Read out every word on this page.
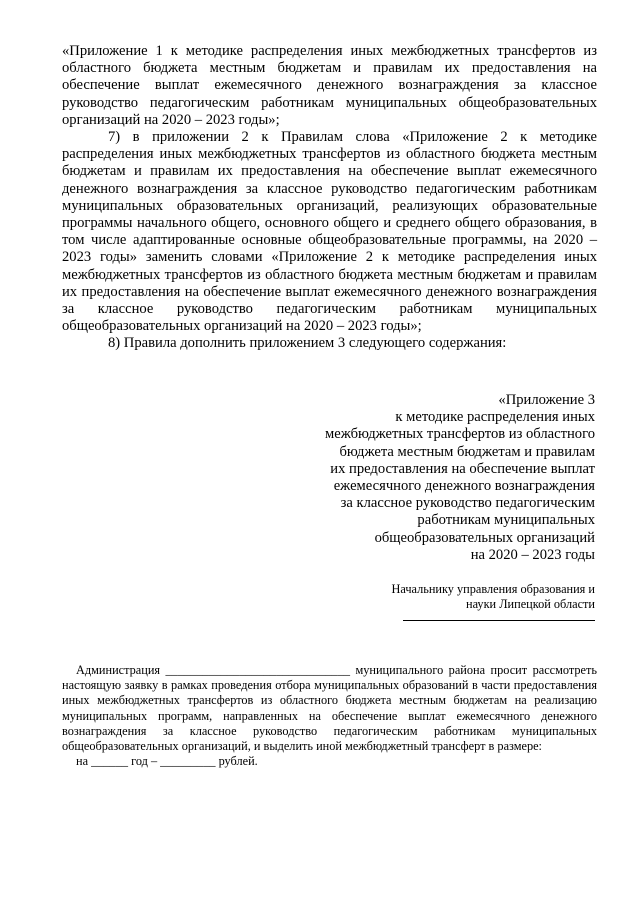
«Приложение 1 к методике распределения иных межбюджетных трансфертов из областного бюджета местным бюджетам и правилам их предоставления на обеспечение выплат ежемесячного денежного вознаграждения за классное руководство педагогическим работникам муниципальных общеобразовательных организаций на 2020 – 2023 годы»;

7) в приложении 2 к Правилам слова «Приложение 2 к методике распределения иных межбюджетных трансфертов из областного бюджета местным бюджетам и правилам их предоставления на обеспечение выплат ежемесячного денежного вознаграждения за классное руководство педагогическим работникам муниципальных образовательных организаций, реализующих образовательные программы начального общего, основного общего и среднего общего образования, в том числе адаптированные основные общеобразовательные программы, на 2020 – 2023 годы» заменить словами «Приложение 2 к методике распределения иных межбюджетных трансфертов из областного бюджета местным бюджетам и правилам их предоставления на обеспечение выплат ежемесячного денежного вознаграждения за классное руководство педагогическим работникам муниципальных общеобразовательных организаций на 2020 – 2023 годы»;

8) Правила дополнить приложением 3 следующего содержания:

«Приложение 3
к методике распределения иных
межбюджетных трансфертов из областного
бюджета местным бюджетам и правилам
их предоставления на обеспечение выплат
ежемесячного денежного вознаграждения
за классное руководство педагогическим
работникам муниципальных
общеобразовательных организаций
на 2020 – 2023 годы
Начальнику управления образования и
науки Липецкой области

Администрация ______________________________ муниципального района просит рассмотреть настоящую заявку в рамках проведения отбора муниципальных образований в части предоставления иных межбюджетных трансфертов из областного бюджета местным бюджетам на реализацию муниципальных программ, направленных на обеспечение выплат ежемесячного денежного вознаграждения за классное руководство педагогическим работникам муниципальных общеобразовательных организаций, и выделить иной межбюджетный трансферт в размере:

на ______ год – _________ рублей.
